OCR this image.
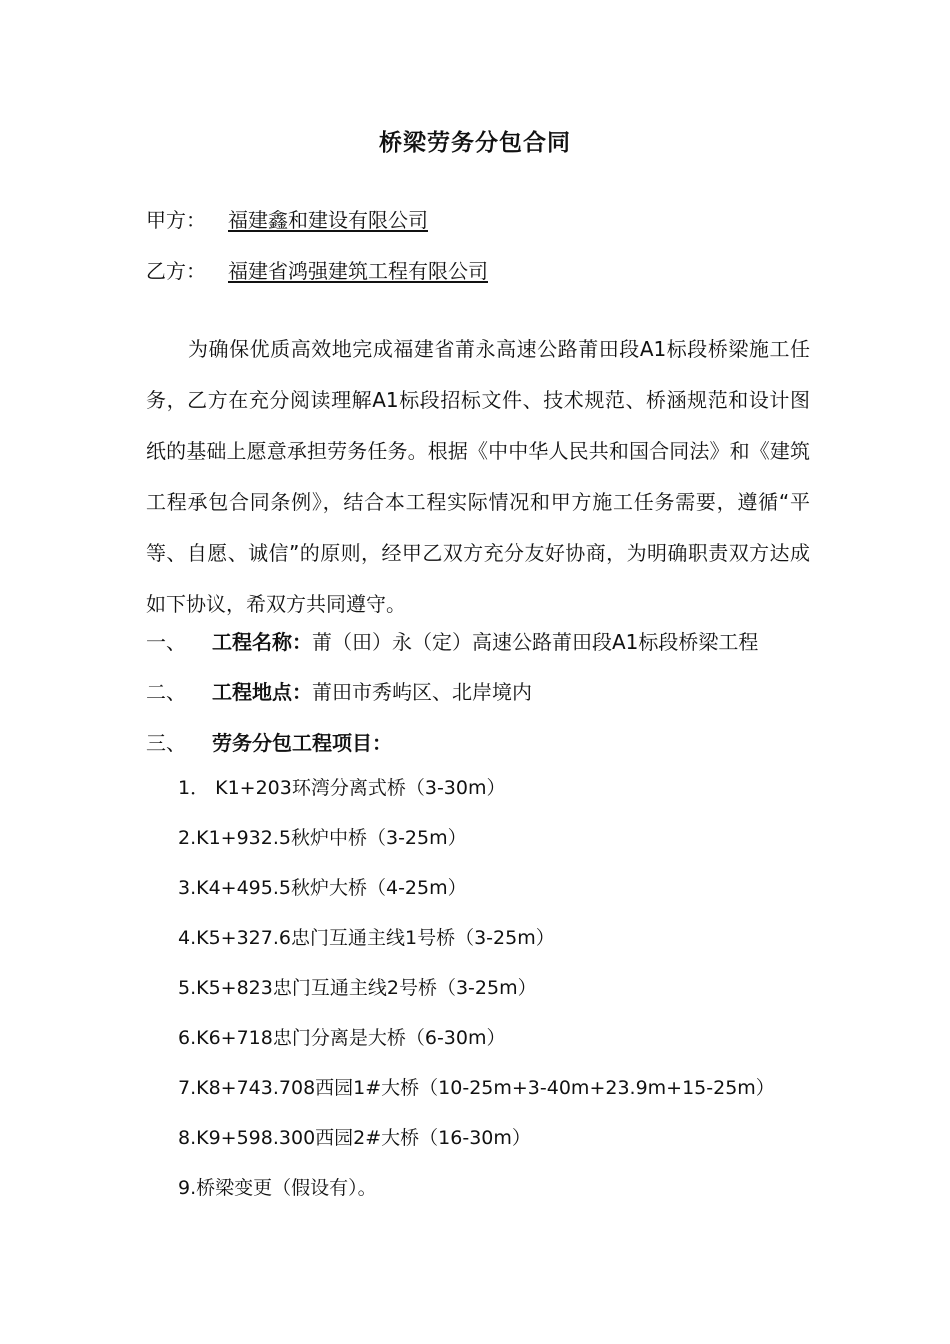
桥梁劳务分包合同
甲方： 福建鑫和建设有限公司
乙方： 福建省鸿强建筑工程有限公司

为确保优质高效地完成福建省莆永高速公路莆田段A1标段桥梁施工任务，乙方在充分阅读理解A1标段招标文件、技术规范、桥涵规范和设计图纸的基础上愿意承担劳务任务。根据《中中华人民共和国合同法》和《建筑工程承包合同条例》，结合本工程实际情况和甲方施工任务需要，遵循“平等、自愿、诚信”的原则，经甲乙双方充分友好协商，为明确职责双方达成如下协议，希双方共同遵守。

一、 工程名称：莆（田）永（定）高速公路莆田段A1标段桥梁工程
二、 工程地点：莆田市秀屿区、北岸境内
三、 劳务分包工程项目：
1． K1+203环湾分离式桥（3-30m）
2.K1+932.5秋炉中桥（3-25m）
3.K4+495.5秋炉大桥（4-25m）
4.K5+327.6忠门互通主线1号桥（3-25m）
5.K5+823忠门互通主线2号桥（3-25m）
6.K6+718忠门分离是大桥（6-30m）
7.K8+743.708西园1#大桥（10-25m+3-40m+23.9m+15-25m）
8.K9+598.300西园2#大桥（16-30m）
9.桥梁变更（假设有）。
